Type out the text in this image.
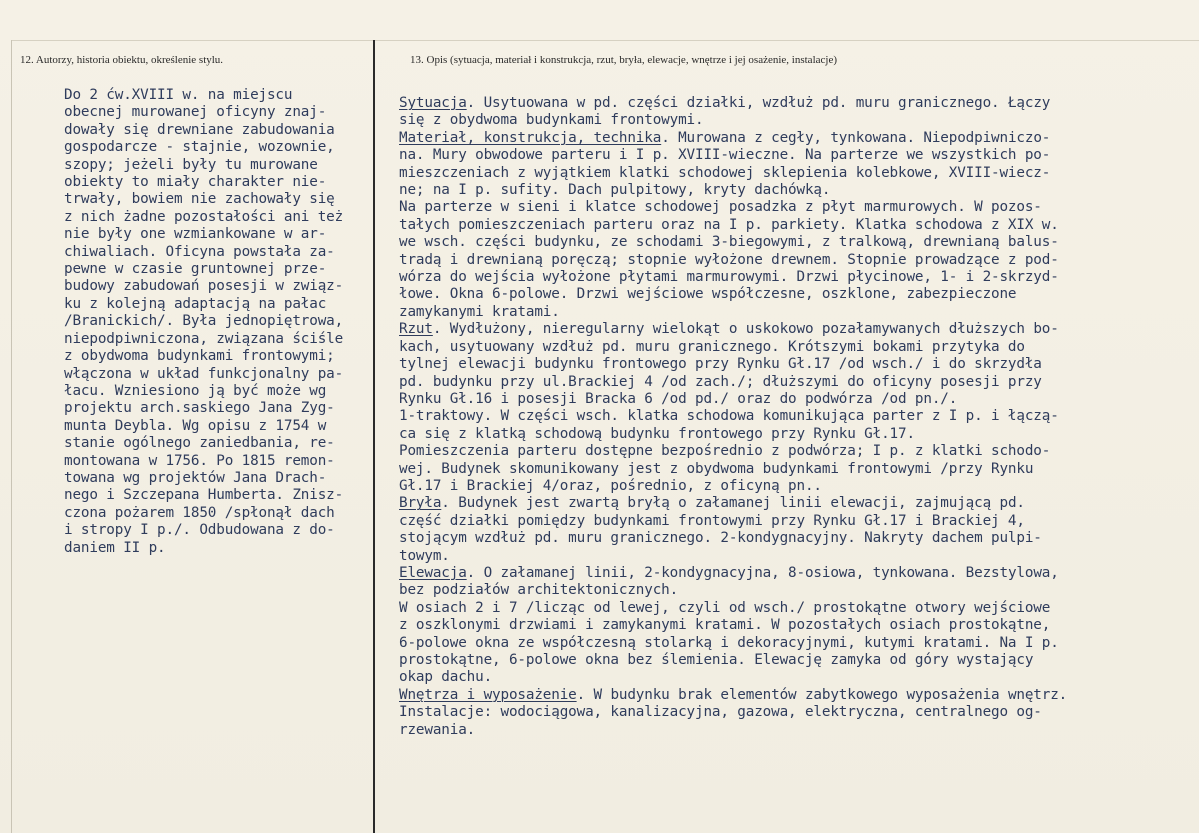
12. Autorzy, historia obiektu, określenie stylu.	13. Opis (sytuacja, materiał i konstrukcja, rzut, bryła, elewacje, wnętrze i jej osażenie, instalacje)
Do 2 ćw.XVIII w. na miejscu
obecnej murowanej oficyny znaj-
dowały się drewniane zabudowania
gospodarcze - stajnie, wozownie,
szopy; jeżeli były tu murowane
obiekty to miały charakter nie-
trwały, bowiem nie zachowały się
z nich żadne pozostałości ani też
nie były one wzmiankowane w ar-
chiwaliach. Oficyna powstała za-
pewne w czasie gruntownej prze-
budowy zabudowań posesji w związ-
ku z kolejną adaptacją na pałac
/Branickich/. Była jednopiętrowa,
niepodpiwniczona, związana ściśle
z obydwoma budynkami frontowymi;
włączona w układ funkcjonalny pa-
łacu. Wzniesiono ją być może wg
projektu arch.saskiego Jana Zyg-
munta Deybla. Wg opisu z 1754 w
stanie ogólnego zaniedbania, re-
montowana w 1756. Po 1815 remon-
towana wg projektów Jana Drach-
nego i Szczepana Humberta. Znisz-
czona pożarem 1850 /spłonął dach
i stropy I p./. Odbudowana z do-
daniem II p.
Sytuacja. Usytuowana w pd. części działki, wzdłuż pd. muru granicznego. Łączy
się z obydwoma budynkami frontowymi.
Materiał, konstrukcja, technika. Murowana z cegły, tynkowana. Niepodpiwniczo-
na. Mury obwodowe parteru i I p. XVIII-wieczne. Na parterze we wszystkich po-
mieszczeniach z wyjątkiem klatki schodowej sklepienia kolebkowe, XVIII-wiecz-
ne; na I p. sufity. Dach pulpitowy, kryty dachówką.
Na parterze w sieni i klatce schodowej posadzka z płyt marmurowych. W pozos-
tałych pomieszczeniach parteru oraz na I p. parkiety. Klatka schodowa z XIX w.
we wsch. części budynku, ze schodami 3-biegowymi, z tralkową, drewnianą balus-
tradą i drewnianą poręczą; stopnie wyłożone drewnem. Stopnie prowadzące z pod-
wórza do wejścia wyłożone płytami marmurowymi. Drzwi płycinowe, 1- i 2-skrzyd-
łowe. Okna 6-polowe. Drzwi wejściowe współczesne, oszklone, zabezpieczone
zamykanymi kratami.
Rzut. Wydłużony, nieregularny wielokąt o uskokowo pozałamywanych dłuższych bo-
kach, usytuowany wzdłuż pd. muru granicznego. Krótszymi bokami przytyka do
tylnej elewacji budynku frontowego przy Rynku Gł.17 /od wsch./ i do skrzydła
pd. budynku przy ul.Brackiej 4 /od zach./; dłuższymi do oficyny posesji przy
Rynku Gł.16 i posesji Bracka 6 /od pd./ oraz do podwórza /od pn./.
1-traktowy. W części wsch. klatka schodowa komunikująca parter z I p. i łączą-
ca się z klatką schodową budynku frontowego przy Rynku Gł.17.
Pomieszczenia parteru dostępne bezpośrednio z podwórza; I p. z klatki schodo-
wej. Budynek skomunikowany jest z obydwoma budynkami frontowymi /przy Rynku
Gł.17 i Brackiej 4/oraz, pośrednio, z oficyną pn..
Bryła. Budynek jest zwartą bryłą o załamanej linii elewacji, zajmującą pd.
część działki pomiędzy budynkami frontowymi przy Rynku Gł.17 i Brackiej 4,
stojącym wzdłuż pd. muru granicznego. 2-kondygnacyjny. Nakryty dachem pulpi-
towym.
Elewacja. O załamanej linii, 2-kondygnacyjna, 8-osiowa, tynkowana. Bezstylowa,
bez podziałów architektonicznych.
W osiach 2 i 7 /licząc od lewej, czyli od wsch./ prostokątne otwory wejściowe
z oszklonymi drzwiami i zamykanymi kratami. W pozostałych osiach prostokątne,
6-polowe okna ze współczesną stolarką i dekoracyjnymi, kutymi kratami. Na I p.
prostokątne, 6-polowe okna bez ślemienia. Elewację zamyka od góry wystający
okap dachu.
Wnętrza i wyposażenie. W budynku brak elementów zabytkowego wyposażenia wnętrz.
Instalacje: wodociągowa, kanalizacyjna, gazowa, elektryczna, centralnego og-
rzewania.
